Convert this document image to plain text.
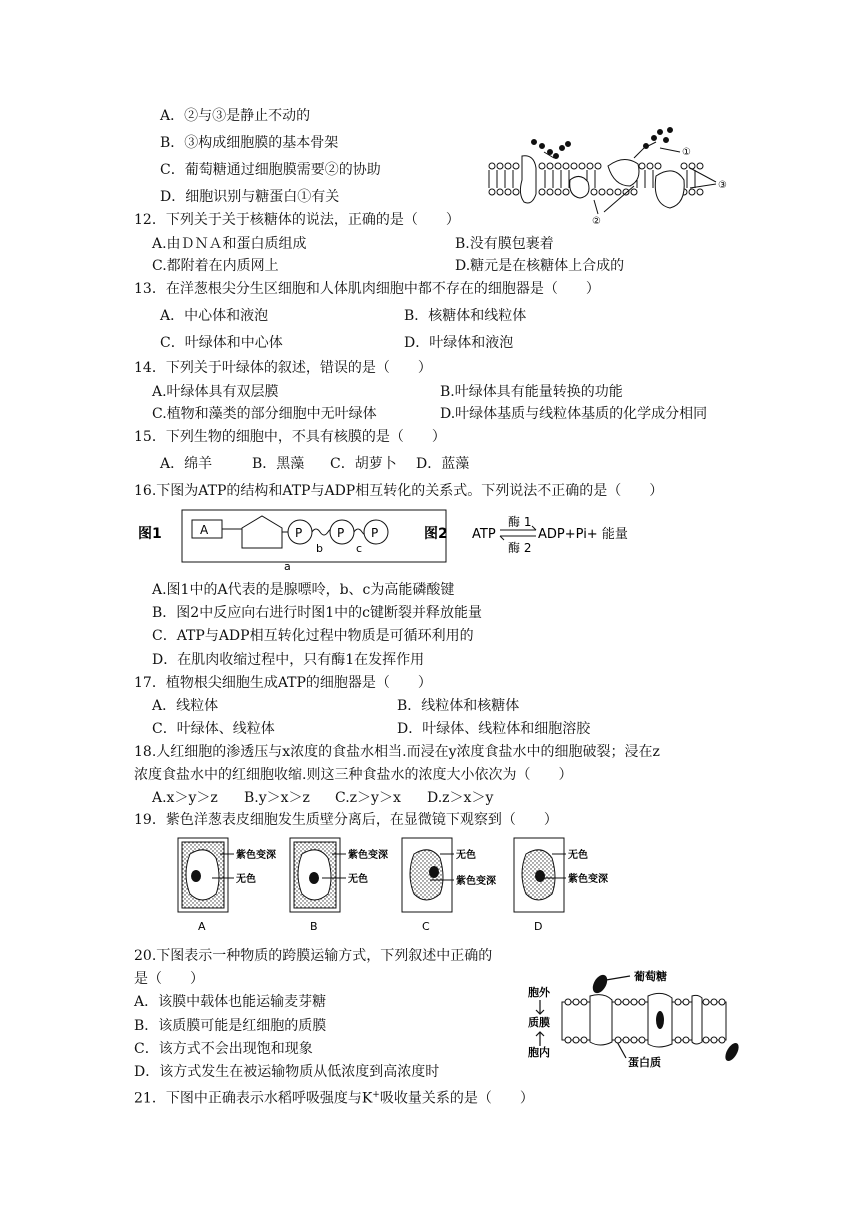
A．②与③是静止不动的
B．③构成细胞膜的基本骨架
C．葡萄糖通过细胞膜需要②的协助
D．细胞识别与糖蛋白①有关
①
③
②
12．下列关于关于核糖体的说法，正确的是（　　）
A.由ＤＮＡ和蛋白质组成	B.没有膜包裹着
C.都附着在内质网上	D.糖元是在核糖体上合成的
13．在洋葱根尖分生区细胞和人体肌肉细胞中都不存在的细胞器是（　　）
A．中心体和液泡	B．核糖体和线粒体
C．叶绿体和中心体	D．叶绿体和液泡
14．下列关于叶绿体的叙述，错误的是（　　）
A.叶绿体具有双层膜	B.叶绿体具有能量转换的功能
C.植物和藻类的部分细胞中无叶绿体	D.叶绿体基质与线粒体基质的化学成分相同
15．下列生物的细胞中，不具有核膜的是（　　）
A．绵羊	B．黑藻 C．胡萝卜 D．蓝藻
16.下图为ATP的结构和ATP与ADP相互转化的关系式。下列说法不正确的是（　　）
图1	A	P	P P
b	c
a
图2 ATP
酶 1
酶 2
ADP+Pi+ 能量
A.图1中的A代表的是腺嘌呤，b、c为高能磷酸键
B．图2中反应向右进行时图1中的c键断裂并释放能量
C．ATP与ADP相互转化过程中物质是可循环利用的
D．在肌肉收缩过程中，只有酶1在发挥作用
17．植物根尖细胞生成ATP的细胞器是（　　）
A．线粒体	B．线粒体和核糖体
C．叶绿体、线粒体	D．叶绿体、线粒体和细胞溶胶
18.人红细胞的渗透压与x浓度的食盐水相当.而浸在y浓度食盐水中的细胞破裂；浸在z
浓度食盐水中的红细胞收缩.则这三种食盐水的浓度大小依次为（　　）
A.x＞y＞z B.y＞x＞z C.z＞y＞x D.z＞x＞y
19．紫色洋葱表皮细胞发生质壁分离后，在显微镜下观察到（　　）
紫色变深
无色
紫色变深
无色
无色
紫色变深
无色
紫色变深
A	B	C	D
20.下图表示一种物质的跨膜运输方式，下列叙述中正确的
是（　　）
A．该膜中载体也能运输麦芽糖
B．该质膜可能是红细胞的质膜
C．该方式不会出现饱和现象
D．该方式发生在被运输物质从低浓度到高浓度时
葡萄糖
胞外
质膜
胞内
蛋白质
21．下图中正确表示水稻呼吸强度与K+吸收量关系的是（　　）
